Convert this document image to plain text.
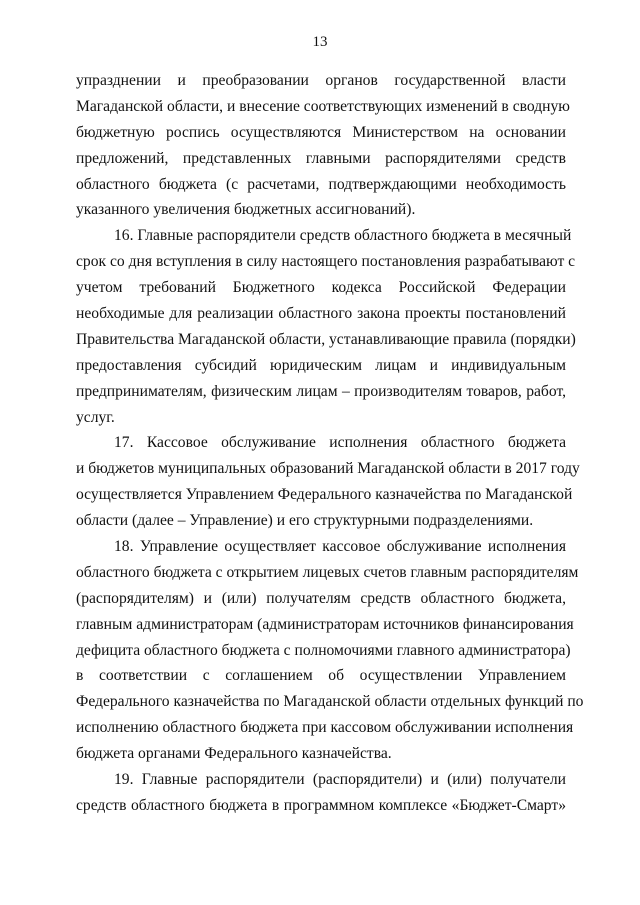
13
упразднении и преобразовании органов государственной власти
Магаданской области, и внесение соответствующих изменений в сводную
бюджетную роспись осуществляются Министерством на основании
предложений, представленных главными распорядителями средств
областного бюджета (с расчетами, подтверждающими необходимость
указанного увеличения бюджетных ассигнований).
16. Главные распорядители средств областного бюджета в месячный
срок со дня вступления в силу настоящего постановления разрабатывают с
учетом требований Бюджетного кодекса Российской Федерации
необходимые для реализации областного закона проекты постановлений
Правительства Магаданской области, устанавливающие правила (порядки)
предоставления субсидий юридическим лицам и индивидуальным
предпринимателям, физическим лицам – производителям товаров, работ,
услуг.
17. Кассовое обслуживание исполнения областного бюджета
и бюджетов муниципальных образований Магаданской области в 2017 году
осуществляется Управлением Федерального казначейства по Магаданской
области (далее – Управление) и его структурными подразделениями.
18. Управление осуществляет кассовое обслуживание исполнения
областного бюджета с открытием лицевых счетов главным распорядителям
(распорядителям) и (или) получателям средств областного бюджета,
главным администраторам (администраторам источников финансирования
дефицита областного бюджета с полномочиями главного администратора)
в соответствии с соглашением об осуществлении Управлением
Федерального казначейства по Магаданской области отдельных функций по
исполнению областного бюджета при кассовом обслуживании исполнения
бюджета органами Федерального казначейства.
19. Главные распорядители (распорядители) и (или) получатели
средств областного бюджета в программном комплексе «Бюджет-Смарт»
